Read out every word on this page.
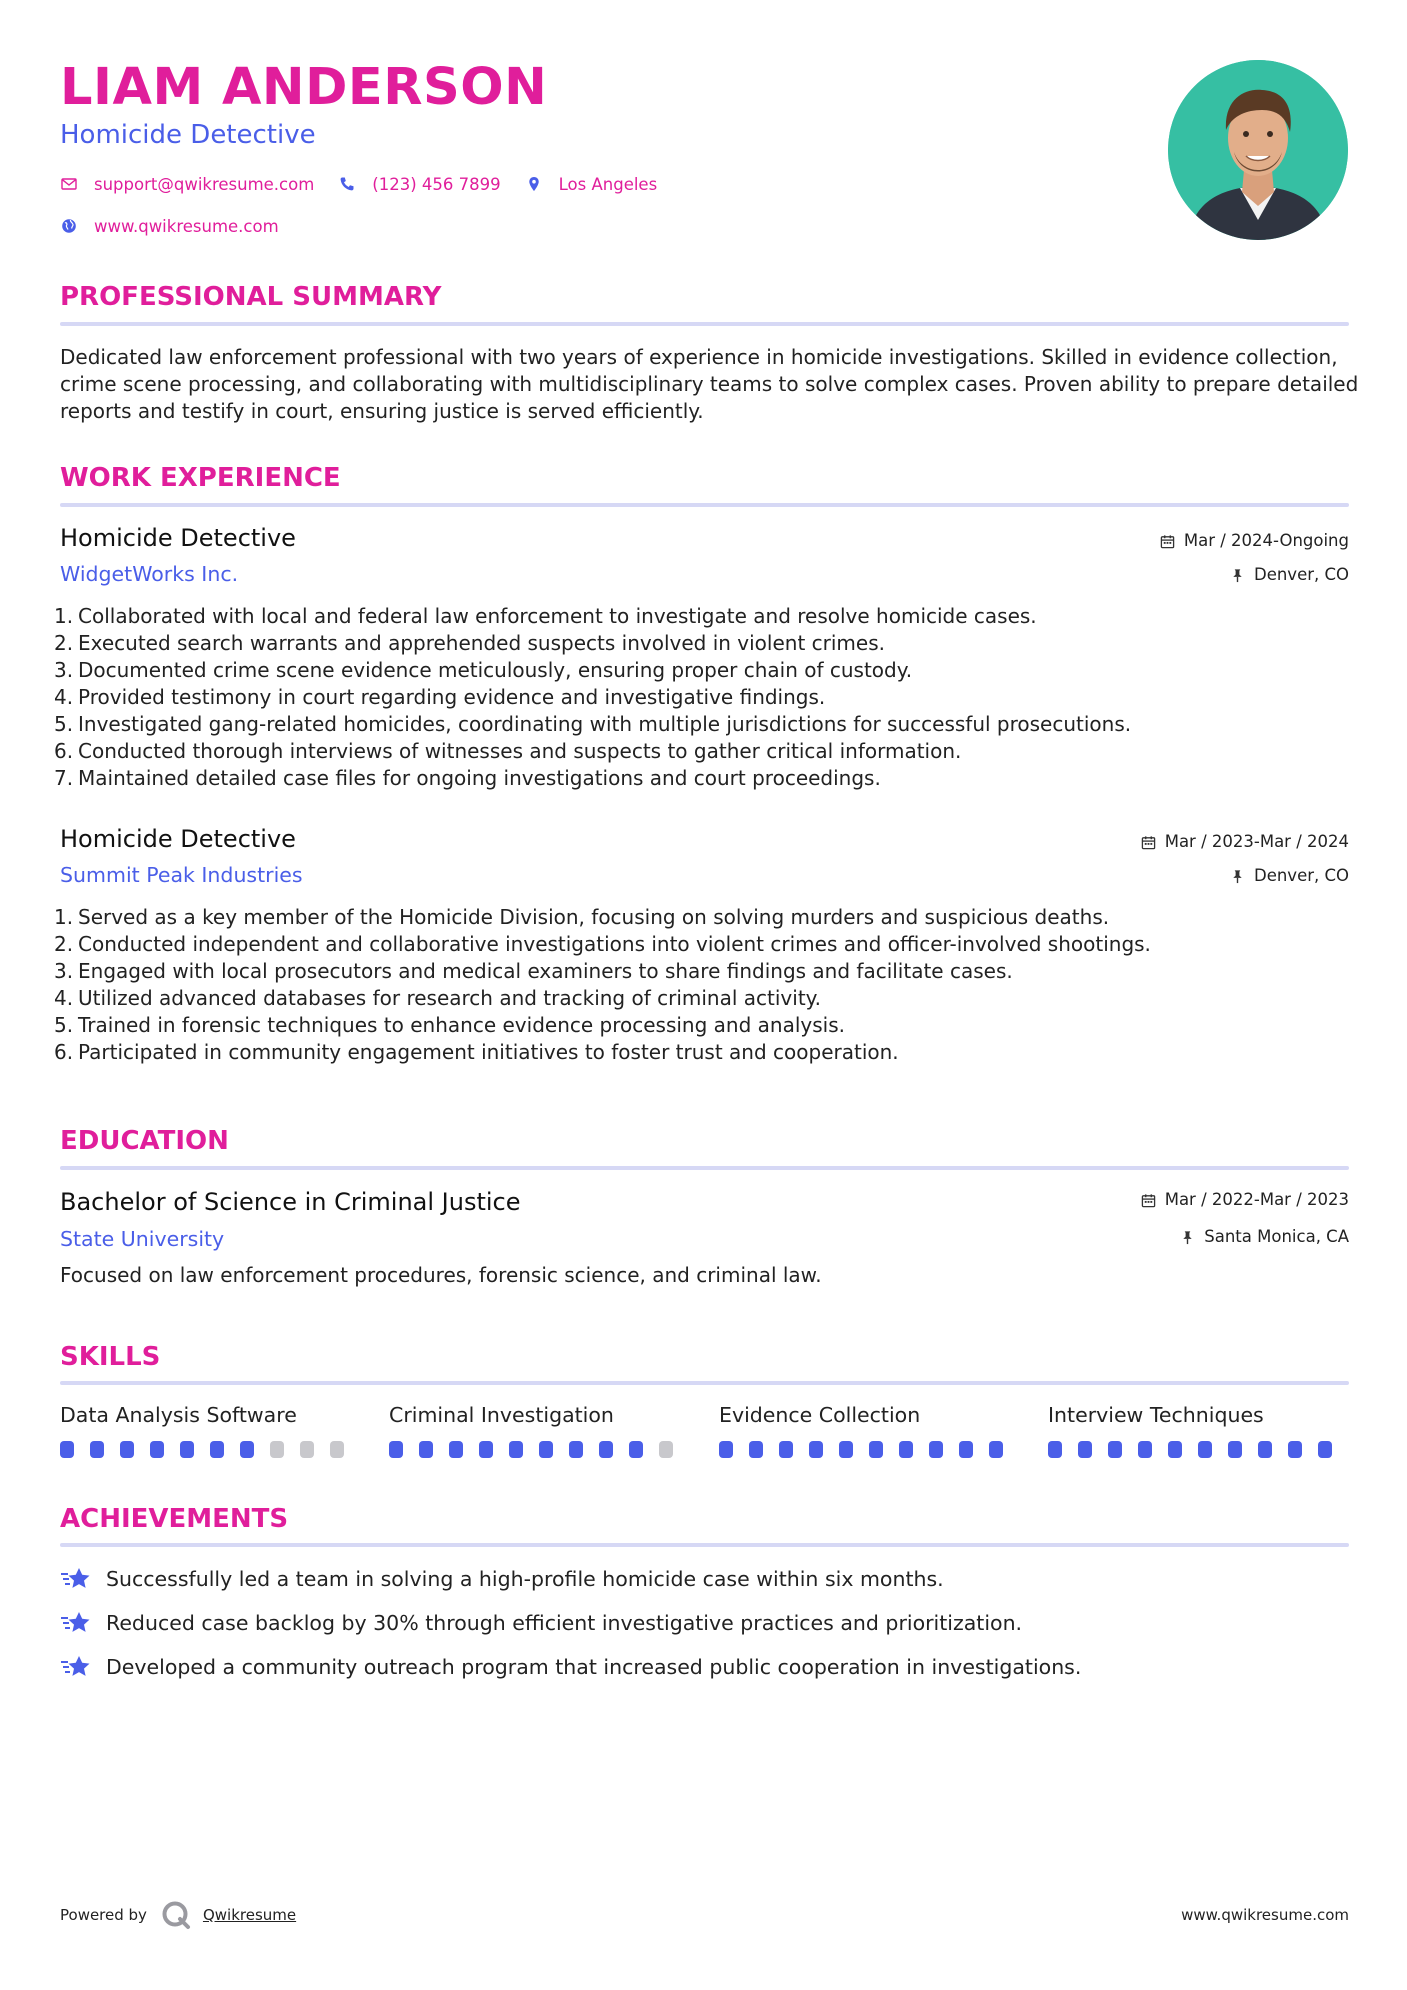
LIAM ANDERSON
Homicide Detective
support@qwikresume.com	(123) 456 7899	Los Angeles
www.qwikresume.com
PROFESSIONAL SUMMARY
Dedicated law enforcement professional with two years of experience in homicide investigations. Skilled in evidence collection, crime scene processing, and collaborating with multidisciplinary teams to solve complex cases. Proven ability to prepare detailed reports and testify in court, ensuring justice is served efficiently.
WORK EXPERIENCE
Homicide Detective
WidgetWorks Inc.
Mar / 2024-Ongoing
Denver, CO
1. Collaborated with local and federal law enforcement to investigate and resolve homicide cases.
2. Executed search warrants and apprehended suspects involved in violent crimes.
3. Documented crime scene evidence meticulously, ensuring proper chain of custody.
4. Provided testimony in court regarding evidence and investigative findings.
5. Investigated gang-related homicides, coordinating with multiple jurisdictions for successful prosecutions.
6. Conducted thorough interviews of witnesses and suspects to gather critical information.
7. Maintained detailed case files for ongoing investigations and court proceedings.
Homicide Detective
Summit Peak Industries
Mar / 2023-Mar / 2024
Denver, CO
1. Served as a key member of the Homicide Division, focusing on solving murders and suspicious deaths.
2. Conducted independent and collaborative investigations into violent crimes and officer-involved shootings.
3. Engaged with local prosecutors and medical examiners to share findings and facilitate cases.
4. Utilized advanced databases for research and tracking of criminal activity.
5. Trained in forensic techniques to enhance evidence processing and analysis.
6. Participated in community engagement initiatives to foster trust and cooperation.
EDUCATION
Bachelor of Science in Criminal Justice
State University
Mar / 2022-Mar / 2023
Santa Monica, CA
Focused on law enforcement procedures, forensic science, and criminal law.
SKILLS
Data Analysis Software	Criminal Investigation	Evidence Collection	Interview Techniques
ACHIEVEMENTS
Successfully led a team in solving a high-profile homicide case within six months.
Reduced case backlog by 30% through efficient investigative practices and prioritization.
Developed a community outreach program that increased public cooperation in investigations.
Powered by	Qwikresume	www.qwikresume.com
